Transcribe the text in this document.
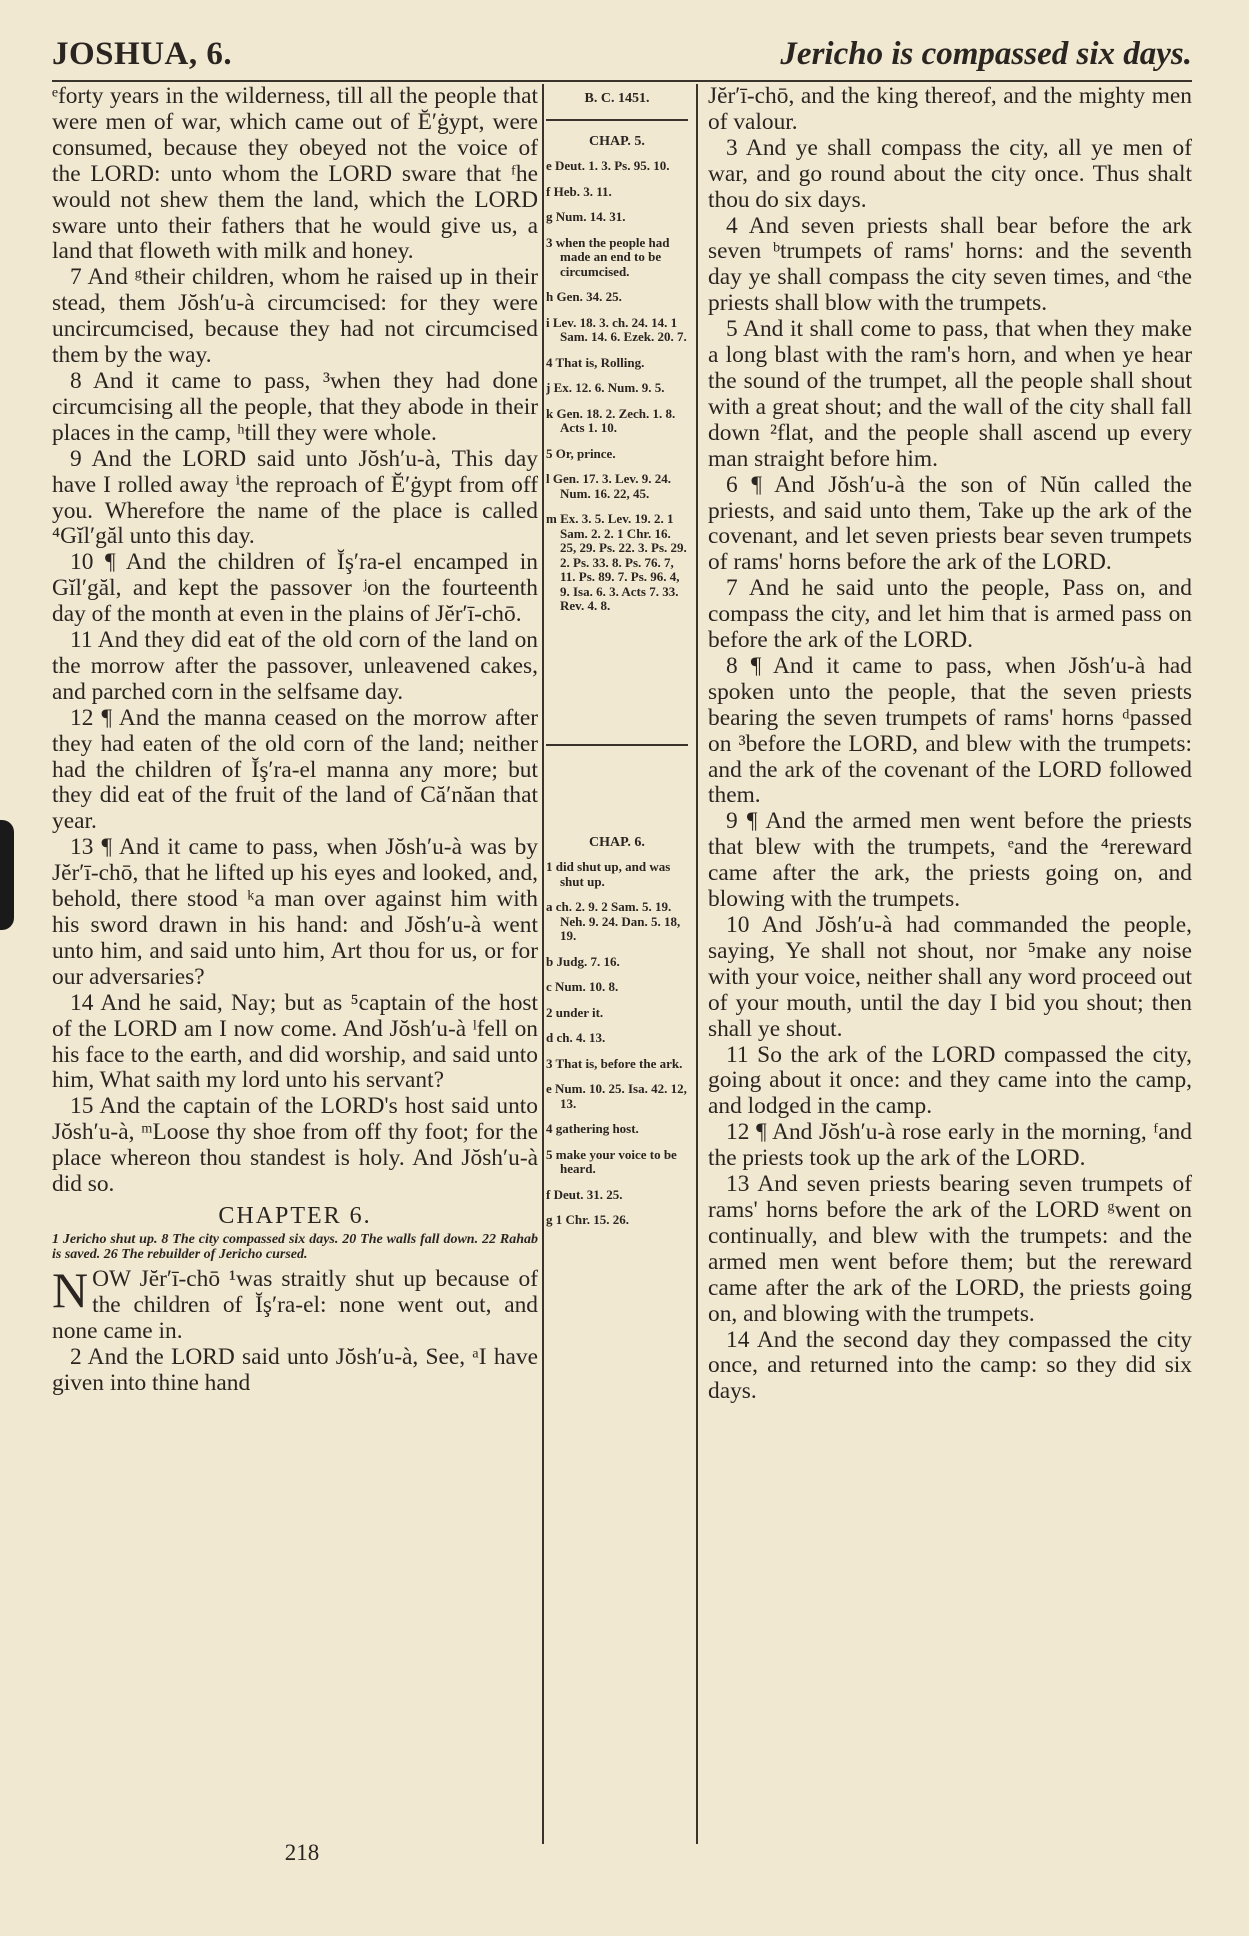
JOSHUA, 6.	Jericho is compassed six days.

ᵉforty years in the wilderness, till all the people that were men of war, which came out of Ĕ′ġypt, were consumed, because they obeyed not the voice of the LORD: unto whom the LORD sware that ᶠhe would not shew them the land, which the LORD sware unto their fathers that he would give us, a land that floweth with milk and honey.

7 And ᵍtheir children, whom he raised up in their stead, them Jŏsh′u-à circumcised: for they were uncircumcised, because they had not circumcised them by the way.

8 And it came to pass, ³when they had done circumcising all the people, that they abode in their places in the camp, ʰtill they were whole.

9 And the LORD said unto Jŏsh′u-à, This day have I rolled away ⁱthe reproach of Ĕ′ġypt from off you. Wherefore the name of the place is called ⁴Gĭl′găl unto this day.

10 ¶ And the children of Ĭş′ra-el encamped in Gĭl′găl, and kept the passover ʲon the fourteenth day of the month at even in the plains of Jĕr′ī-chō.

11 And they did eat of the old corn of the land on the morrow after the passover, unleavened cakes, and parched corn in the selfsame day.

12 ¶ And the manna ceased on the morrow after they had eaten of the old corn of the land; neither had the children of Ĭş′ra-el manna any more; but they did eat of the fruit of the land of Că′năan that year.

13 ¶ And it came to pass, when Jŏsh′u-à was by Jĕr′ī-chō, that he lifted up his eyes and looked, and, behold, there stood ᵏa man over against him with his sword drawn in his hand: and Jŏsh′u-à went unto him, and said unto him, Art thou for us, or for our adversaries?

14 And he said, Nay; but as ⁵captain of the host of the LORD am I now come. And Jŏsh′u-à ˡfell on his face to the earth, and did worship, and said unto him, What saith my lord unto his servant?

15 And the captain of the LORD's host said unto Jŏsh′u-à, ᵐLoose thy shoe from off thy foot; for the place whereon thou standest is holy. And Jŏsh′u-à did so.

CHAPTER 6.

1 Jericho shut up. 8 The city compassed six days. 20 The walls fall down. 22 Rahab is saved. 26 The rebuilder of Jericho cursed.

NOW Jĕr′ī-chō ¹was straitly shut up because of the children of Ĭş′ra-el: none went out, and none came in.

2 And the LORD said unto Jŏsh′u-à, See, ᵃI have given into thine hand

B. C. 1451.
CHAP. 5.

e Deut. 1. 3. Ps. 95. 10.

f Heb. 3. 11.

g Num. 14. 31.

3 when the people had made an end to be circumcised.

h Gen. 34. 25.

i Lev. 18. 3. ch. 24. 14. 1 Sam. 14. 6. Ezek. 20. 7.

4 That is, Rolling.

j Ex. 12. 6. Num. 9. 5.

k Gen. 18. 2. Zech. 1. 8. Acts 1. 10.

5 Or, prince.

l Gen. 17. 3. Lev. 9. 24. Num. 16. 22, 45.

m Ex. 3. 5. Lev. 19. 2. 1 Sam. 2. 2. 1 Chr. 16. 25, 29. Ps. 22. 3. Ps. 29. 2. Ps. 33. 8. Ps. 76. 7, 11. Ps. 89. 7. Ps. 96. 4, 9. Isa. 6. 3. Acts 7. 33. Rev. 4. 8.

CHAP. 6.

1 did shut up, and was shut up.

a ch. 2. 9. 2 Sam. 5. 19. Neh. 9. 24. Dan. 5. 18, 19.

b Judg. 7. 16.

c Num. 10. 8.

2 under it.

d ch. 4. 13.

3 That is, before the ark.

e Num. 10. 25. Isa. 42. 12, 13.

4 gathering host.

5 make your voice to be heard.

f Deut. 31. 25.

g 1 Chr. 15. 26.

Jĕr′ī-chō, and the king thereof, and the mighty men of valour.

3 And ye shall compass the city, all ye men of war, and go round about the city once. Thus shalt thou do six days.

4 And seven priests shall bear before the ark seven ᵇtrumpets of rams' horns: and the seventh day ye shall compass the city seven times, and ᶜthe priests shall blow with the trumpets.

5 And it shall come to pass, that when they make a long blast with the ram's horn, and when ye hear the sound of the trumpet, all the people shall shout with a great shout; and the wall of the city shall fall down ²flat, and the people shall ascend up every man straight before him.

6 ¶ And Jŏsh′u-à the son of Nŭn called the priests, and said unto them, Take up the ark of the covenant, and let seven priests bear seven trumpets of rams' horns before the ark of the LORD.

7 And he said unto the people, Pass on, and compass the city, and let him that is armed pass on before the ark of the LORD.

8 ¶ And it came to pass, when Jŏsh′u-à had spoken unto the people, that the seven priests bearing the seven trumpets of rams' horns ᵈpassed on ³before the LORD, and blew with the trumpets: and the ark of the covenant of the LORD followed them.

9 ¶ And the armed men went before the priests that blew with the trumpets, ᵉand the ⁴rereward came after the ark, the priests going on, and blowing with the trumpets.

10 And Jŏsh′u-à had commanded the people, saying, Ye shall not shout, nor ⁵make any noise with your voice, neither shall any word proceed out of your mouth, until the day I bid you shout; then shall ye shout.

11 So the ark of the LORD compassed the city, going about it once: and they came into the camp, and lodged in the camp.

12 ¶ And Jŏsh′u-à rose early in the morning, ᶠand the priests took up the ark of the LORD.

13 And seven priests bearing seven trumpets of rams' horns before the ark of the LORD ᵍwent on continually, and blew with the trumpets: and the armed men went before them; but the rereward came after the ark of the LORD, the priests going on, and blowing with the trumpets.

14 And the second day they compassed the city once, and returned into the camp: so they did six days.

218
